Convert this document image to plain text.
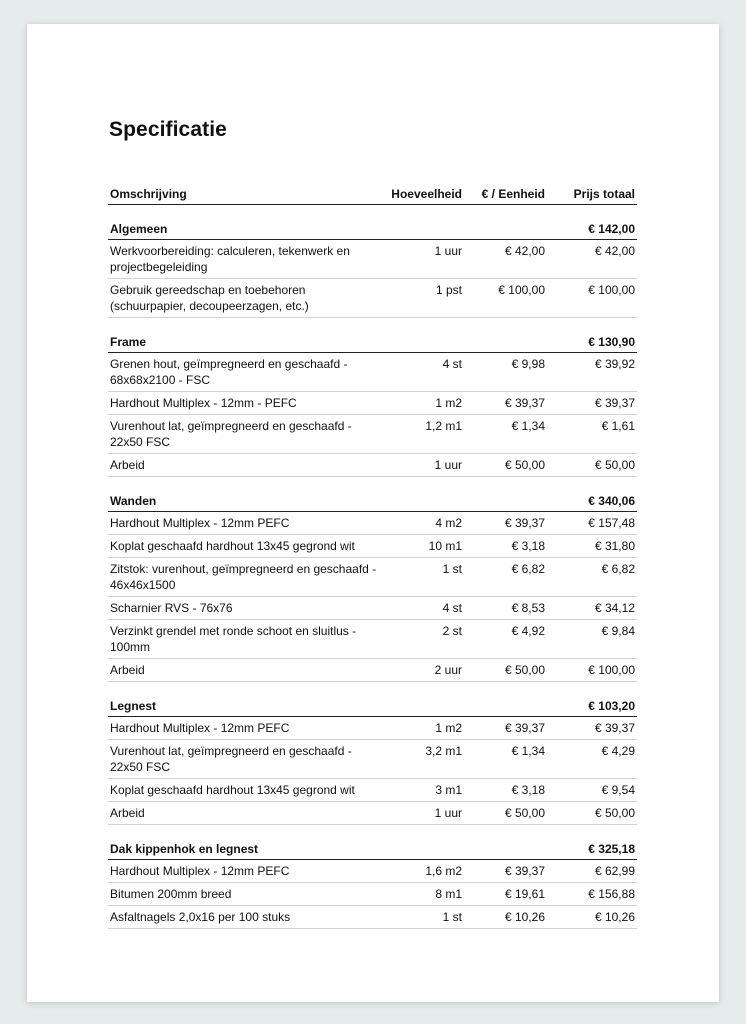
Specificatie
Omschrijving	Hoeveelheid	€ / Eenheid	Prijs totaal

Algemeen			€ 142,00
Werkvoorbereiding: calculeren, tekenwerk en projectbegeleiding	1 uur	€ 42,00	€ 42,00
Gebruik gereedschap en toebehoren (schuurpapier, decoupeerzagen, etc.)	1 pst	€ 100,00	€ 100,00

Frame			€ 130,90
Grenen hout, geïmpregneerd en geschaafd - 68x68x2100 - FSC	4 st	€ 9,98	€ 39,92
Hardhout Multiplex - 12mm - PEFC	1 m2	€ 39,37	€ 39,37
Vurenhout lat, geïmpregneerd en geschaafd - 22x50 FSC	1,2 m1	€ 1,34	€ 1,61
Arbeid	1 uur	€ 50,00	€ 50,00

Wanden			€ 340,06
Hardhout Multiplex - 12mm PEFC	4 m2	€ 39,37	€ 157,48
Koplat geschaafd hardhout 13x45 gegrond wit	10 m1	€ 3,18	€ 31,80
Zitstok: vurenhout, geïmpregneerd en geschaafd - 46x46x1500	1 st	€ 6,82	€ 6,82
Scharnier RVS - 76x76	4 st	€ 8,53	€ 34,12
Verzinkt grendel met ronde schoot en sluitlus - 100mm	2 st	€ 4,92	€ 9,84
Arbeid	2 uur	€ 50,00	€ 100,00

Legnest			€ 103,20
Hardhout Multiplex - 12mm PEFC	1 m2	€ 39,37	€ 39,37
Vurenhout lat, geïmpregneerd en geschaafd - 22x50 FSC	3,2 m1	€ 1,34	€ 4,29
Koplat geschaafd hardhout 13x45 gegrond wit	3 m1	€ 3,18	€ 9,54
Arbeid	1 uur	€ 50,00	€ 50,00

Dak kippenhok en legnest			€ 325,18
Hardhout Multiplex - 12mm PEFC	1,6 m2	€ 39,37	€ 62,99
Bitumen 200mm breed	8 m1	€ 19,61	€ 156,88
Asfaltnagels 2,0x16 per 100 stuks	1 st	€ 10,26	€ 10,26
